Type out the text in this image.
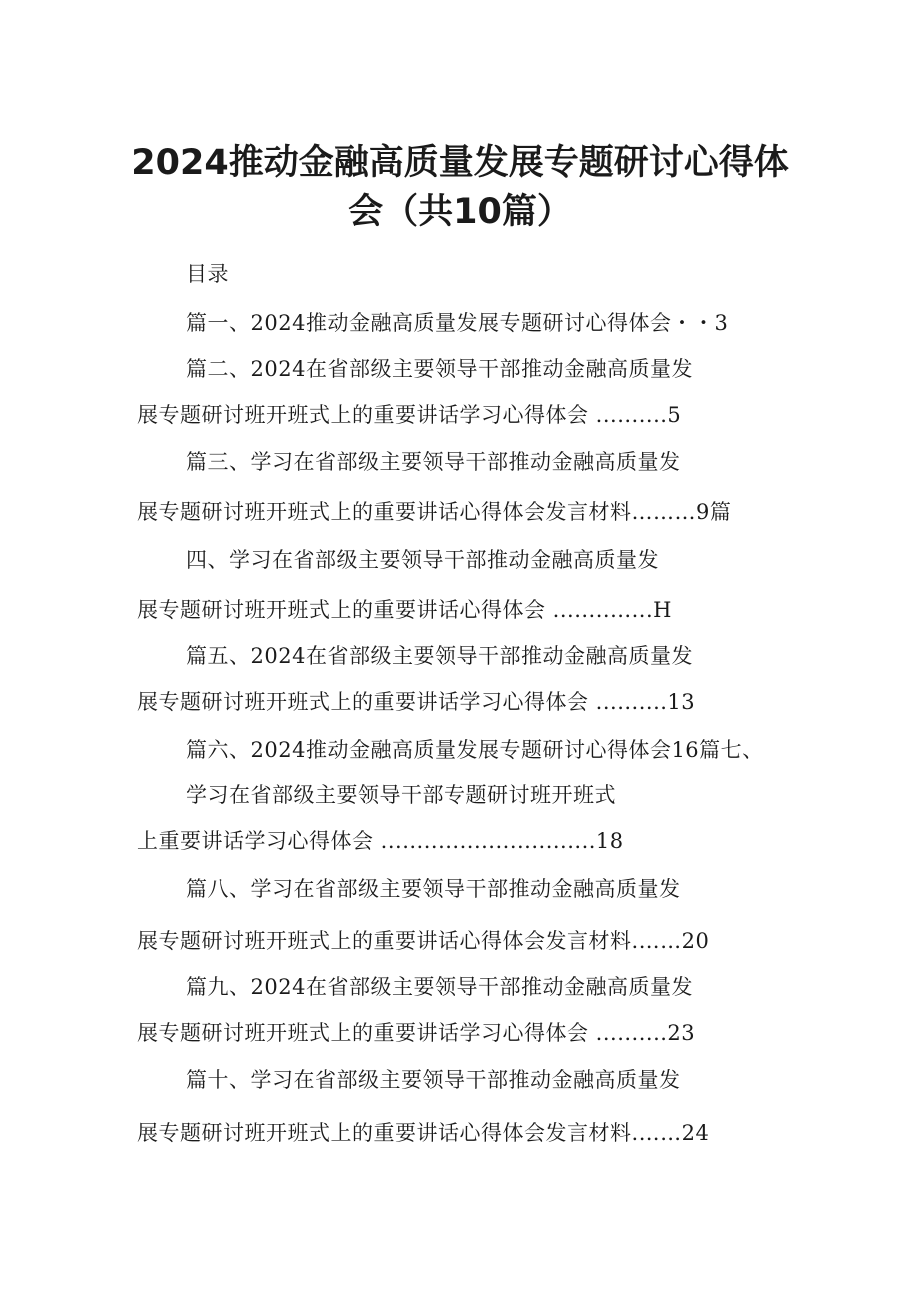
2024推动金融高质量发展专题研讨心得体
会（共10篇）
目录
篇一、2024推动金融高质量发展专题研讨心得体会・・3
篇二、2024在省部级主要领导干部推动金融高质量发
展专题研讨班开班式上的重要讲话学习心得体会 ..........5
篇三、学习在省部级主要领导干部推动金融高质量发
展专题研讨班开班式上的重要讲话心得体会发言材料………9篇
四、学习在省部级主要领导干部推动金融高质量发
展专题研讨班开班式上的重要讲话心得体会 ..............H
篇五、2024在省部级主要领导干部推动金融高质量发
展专题研讨班开班式上的重要讲话学习心得体会 ..........13
篇六、2024推动金融高质量发展专题研讨心得体会16篇七、
学习在省部级主要领导干部专题研讨班开班式
上重要讲话学习心得体会 ..............................18
篇八、学习在省部级主要领导干部推动金融高质量发
展专题研讨班开班式上的重要讲话心得体会发言材料.……20
篇九、2024在省部级主要领导干部推动金融高质量发
展专题研讨班开班式上的重要讲话学习心得体会 ..........23
篇十、学习在省部级主要领导干部推动金融高质量发
展专题研讨班开班式上的重要讲话心得体会发言材料.……24
